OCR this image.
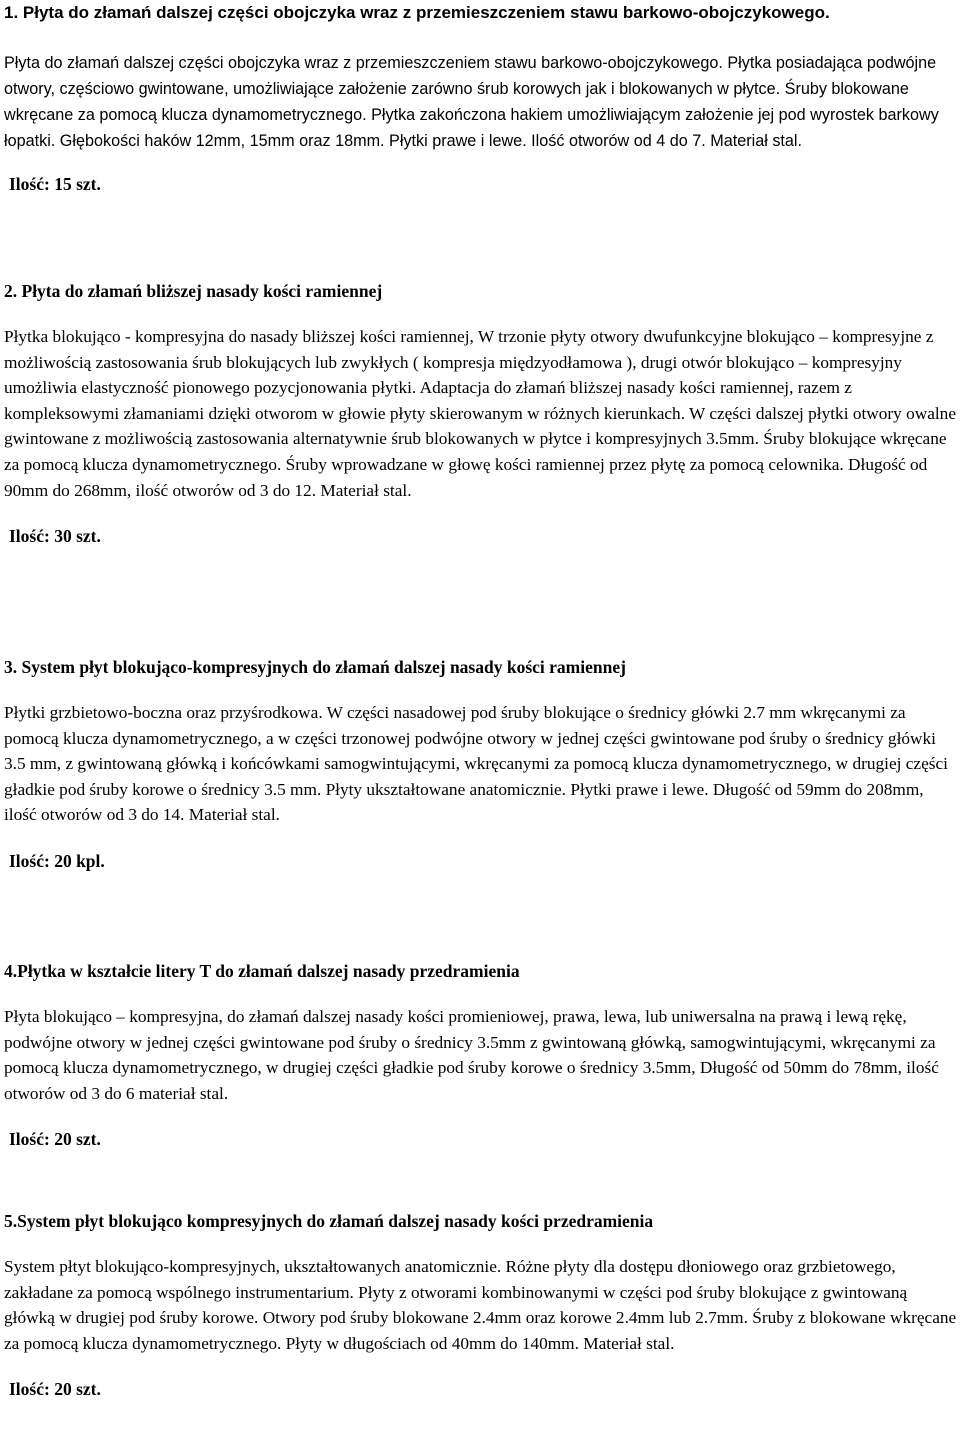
1. Płyta do złamań dalszej części obojczyka wraz z przemieszczeniem stawu barkowo-obojczykowego.

Płyta do złamań dalszej części obojczyka wraz z przemieszczeniem stawu barkowo-obojczykowego. Płytka posiadająca podwójne otwory, częściowo gwintowane, umożliwiające założenie zarówno śrub korowych jak i blokowanych w płytce. Śruby blokowane wkręcane za pomocą klucza dynamometrycznego. Płytka zakończona hakiem umożliwiającym założenie jej pod wyrostek barkowy łopatki. Głębokości haków 12mm, 15mm oraz 18mm. Płytki prawe i lewe. Ilość otworów od 4 do 7. Materiał stal.

Ilość: 15 szt.

2. Płyta do złamań bliższej nasady kości ramiennej

Płytka blokująco - kompresyjna do nasady bliższej kości ramiennej, W trzonie płyty otwory dwufunkcyjne blokująco – kompresyjne z możliwością zastosowania śrub blokujących lub zwykłych ( kompresja międzyodłamowa ), drugi otwór blokująco – kompresyjny umożliwia elastyczność pionowego pozycjonowania płytki. Adaptacja do złamań bliższej nasady kości ramiennej, razem z kompleksowymi złamaniami dzięki otworom w głowie płyty skierowanym w różnych kierunkach. W części dalszej płytki otwory owalne gwintowane z możliwością zastosowania alternatywnie śrub blokowanych w płytce i kompresyjnych 3.5mm. Śruby blokujące wkręcane za pomocą klucza dynamometrycznego. Śruby wprowadzane w głowę kości ramiennej przez płytę za pomocą celownika. Długość od 90mm do 268mm, ilość otworów od 3 do 12. Materiał stal.

Ilość: 30 szt.

3. System płyt blokująco-kompresyjnych do złamań dalszej nasady kości ramiennej

Płytki grzbietowo-boczna oraz przyśrodkowa. W części nasadowej pod śruby blokujące o średnicy główki 2.7 mm wkręcanymi za pomocą klucza dynamometrycznego, a w części trzonowej podwójne otwory w jednej części gwintowane pod śruby o średnicy główki 3.5 mm, z gwintowaną główką i końcówkami samogwintującymi, wkręcanymi za pomocą klucza dynamometrycznego, w drugiej części gładkie pod śruby korowe o średnicy 3.5 mm. Płyty ukształtowane anatomicznie. Płytki prawe i lewe. Długość od 59mm do 208mm, ilość otworów od 3 do 14. Materiał stal.

Ilość: 20 kpl.

4.Płytka w kształcie litery T do złamań dalszej nasady przedramienia

Płyta blokująco – kompresyjna, do złamań dalszej nasady kości promieniowej, prawa, lewa, lub uniwersalna na prawą i lewą rękę, podwójne otwory w jednej części gwintowane pod śruby o średnicy 3.5mm z gwintowaną główką, samogwintującymi, wkręcanymi za pomocą klucza dynamometrycznego, w drugiej części gładkie pod śruby korowe o średnicy 3.5mm, Długość od 50mm do 78mm, ilość otworów od 3 do 6 materiał stal.

Ilość: 20 szt.

5.System płyt blokująco kompresyjnych do złamań dalszej nasady kości przedramienia

System płtyt blokująco-kompresyjnych, ukształtowanych anatomicznie. Różne płyty dla dostępu dłoniowego oraz grzbietowego, zakładane za pomocą wspólnego instrumentarium. Płyty z otworami kombinowanymi w części pod śruby blokujące z gwintowaną główką w drugiej pod śruby korowe. Otwory pod śruby blokowane 2.4mm oraz korowe 2.4mm lub 2.7mm. Śruby z blokowane wkręcane za pomocą klucza dynamometrycznego. Płyty w długościach od 40mm do 140mm. Materiał stal.

Ilość: 20 szt.
